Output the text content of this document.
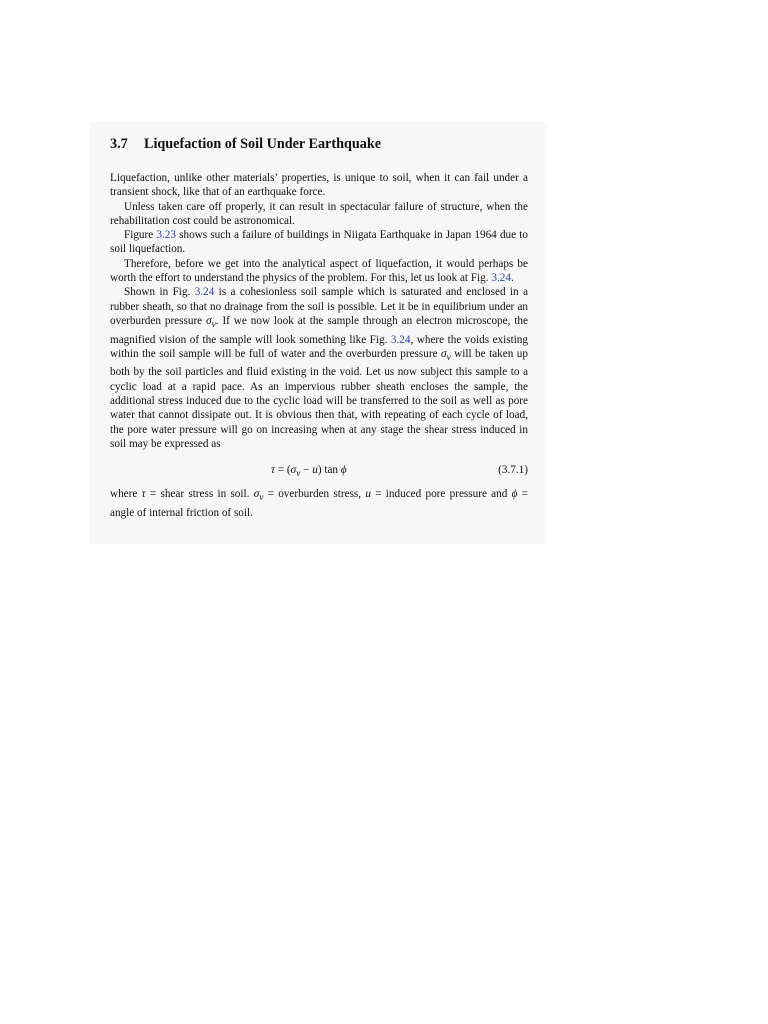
3.7 Liquefaction of Soil Under Earthquake

Liquefaction, unlike other materials’ properties, is unique to soil, when it can fail under a transient shock, like that of an earthquake force.

Unless taken care off properly, it can result in spectacular failure of structure, when the rehabilitation cost could be astronomical.

Figure 3.23 shows such a failure of buildings in Niigata Earthquake in Japan 1964 due to soil liquefaction.

Therefore, before we get into the analytical aspect of liquefaction, it would perhaps be worth the effort to understand the physics of the problem. For this, let us look at Fig. 3.24.

Shown in Fig. 3.24 is a cohesionless soil sample which is saturated and enclosed in a rubber sheath, so that no drainage from the soil is possible. Let it be in equilibrium under an overburden pressure $\sigma_v$. If we now look at the sample through an electron microscope, the magnified vision of the sample will look something like Fig. 3.24, where the voids existing within the soil sample will be full of water and the overburden pressure $\sigma_v$ will be taken up both by the soil particles and fluid existing in the void. Let us now subject this sample to a cyclic load at a rapid pace. As an impervious rubber sheath encloses the sample, the additional stress induced due to the cyclic load will be transferred to the soil as well as pore water that cannot dissipate out. It is obvious then that, with repeating of each cycle of load, the pore water pressure will go on increasing when at any stage the shear stress induced in soil may be expressed as

$\tau = (\sigma_v - u)$ tan ϕ	(3.7.1)

where τ = shear stress in soil. $\sigma_v$ = overburden stress, u = induced pore pressure and ϕ = angle of internal friction of soil.
